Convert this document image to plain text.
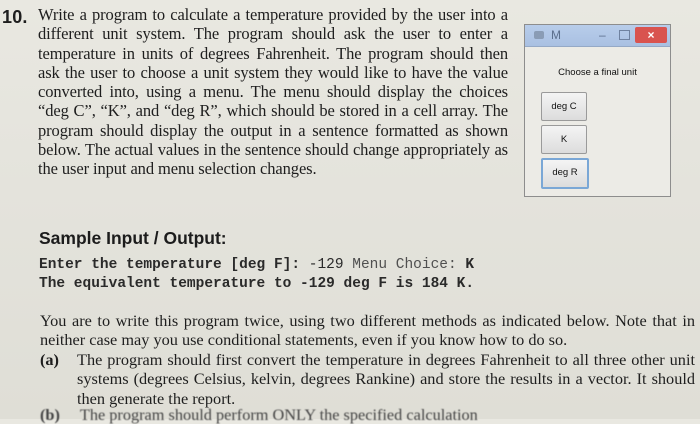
10. Write a program to calculate a temperature provided by the user into a different unit system. The program should ask the user to enter a temperature in units of degrees Fahrenheit. The program should then ask the user to choose a unit system they would like to have the value converted into, using a menu. The menu should display the choices “deg C”, “K”, and “deg R”, which should be stored in a cell array. The program should display the output in a sentence formatted as shown below. The actual values in the sentence should change appropriately as the user input and menu selection changes.
M	–	×
Choose a final unit
deg C
K
deg R
Sample Input / Output:
Enter the temperature [deg F]: -129 Menu Choice: K
The equivalent temperature to -129 deg F is 184 K.
You are to write this program twice, using two different methods as indicated below. Note that in neither case may you use conditional statements, even if you know how to do so.
(a) The program should first convert the temperature in degrees Fahrenheit to all three other unit systems (degrees Celsius, kelvin, degrees Rankine) and store the results in a vector. It should then generate the report.
(b) The program should perform ONLY the specified calculation
